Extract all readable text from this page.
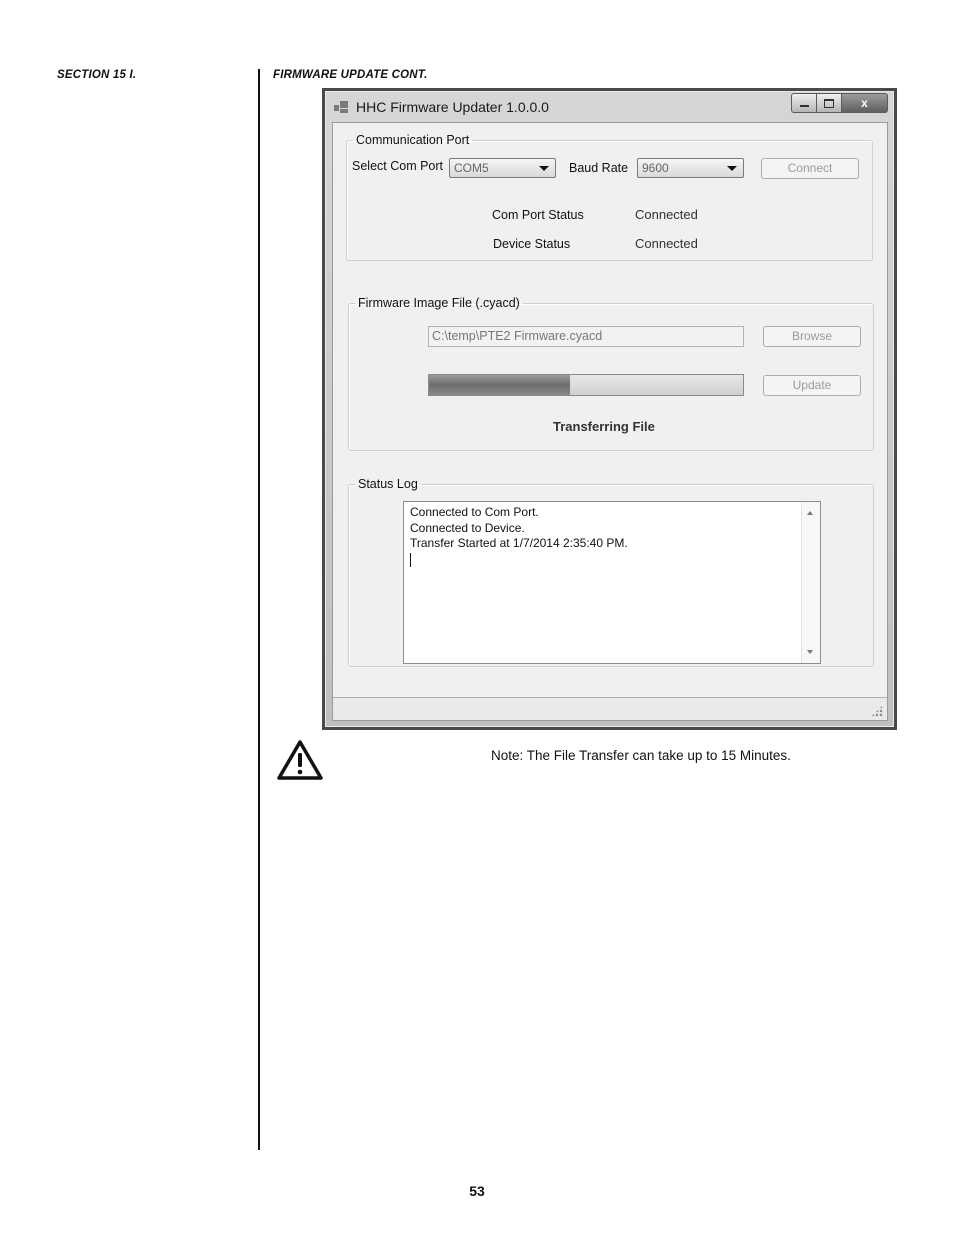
SECTION 15 I.	FIRMWARE UPDATE CONT.
HHC Firmware Updater 1.0.0.0	x
Communication Port
Select Com Port COM5	Baud Rate 9600	Connect
Com Port Status	Connected
Device Status	Connected
Firmware Image File (.cyacd)
C:\temp\PTE2 Firmware.cyacd	Browse
Update
Transferring File
Status Log
Connected to Com Port.
Connected to Device.
Transfer Started at 1/7/2014 2:35:40 PM.
Note: The File Transfer can take up to 15 Minutes.
53
